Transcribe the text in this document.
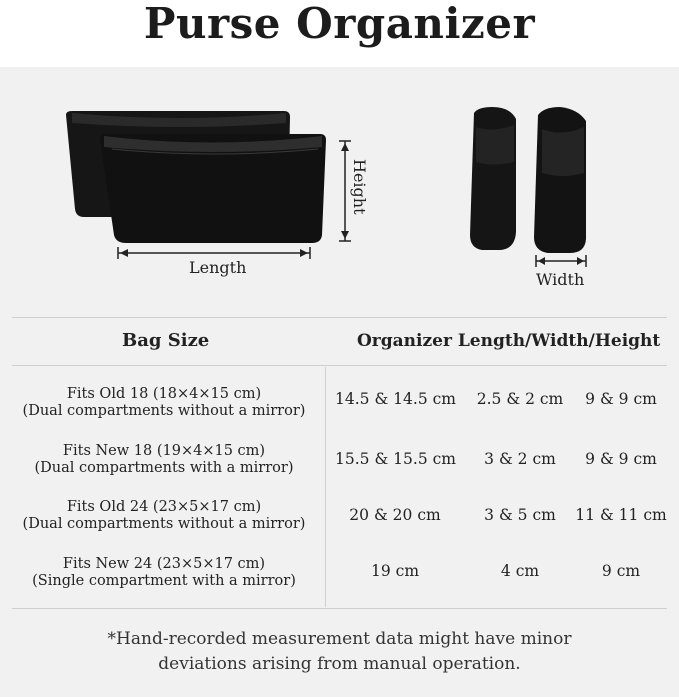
Purse Organizer
Height
Length
Width
Bag Size	Organizer Length/Width/Height
Fits Old 18 (18×4×15 cm)
(Dual compartments without a mirror)
14.5 & 14.5 cm	2.5 & 2 cm	9 & 9 cm
Fits New 18 (19×4×15 cm)
(Dual compartments with a mirror)	15.5 & 15.5 cm	3 & 2 cm	9 & 9 cm
Fits Old 24 (23×5×17 cm)
(Dual compartments without a mirror)	20 & 20 cm	3 & 5 cm	11 & 11 cm
Fits New 24 (23×5×17 cm)
(Single compartment with a mirror)
19 cm	4 cm	9 cm
*Hand-recorded measurement data might have minor
deviations arising from manual operation.
